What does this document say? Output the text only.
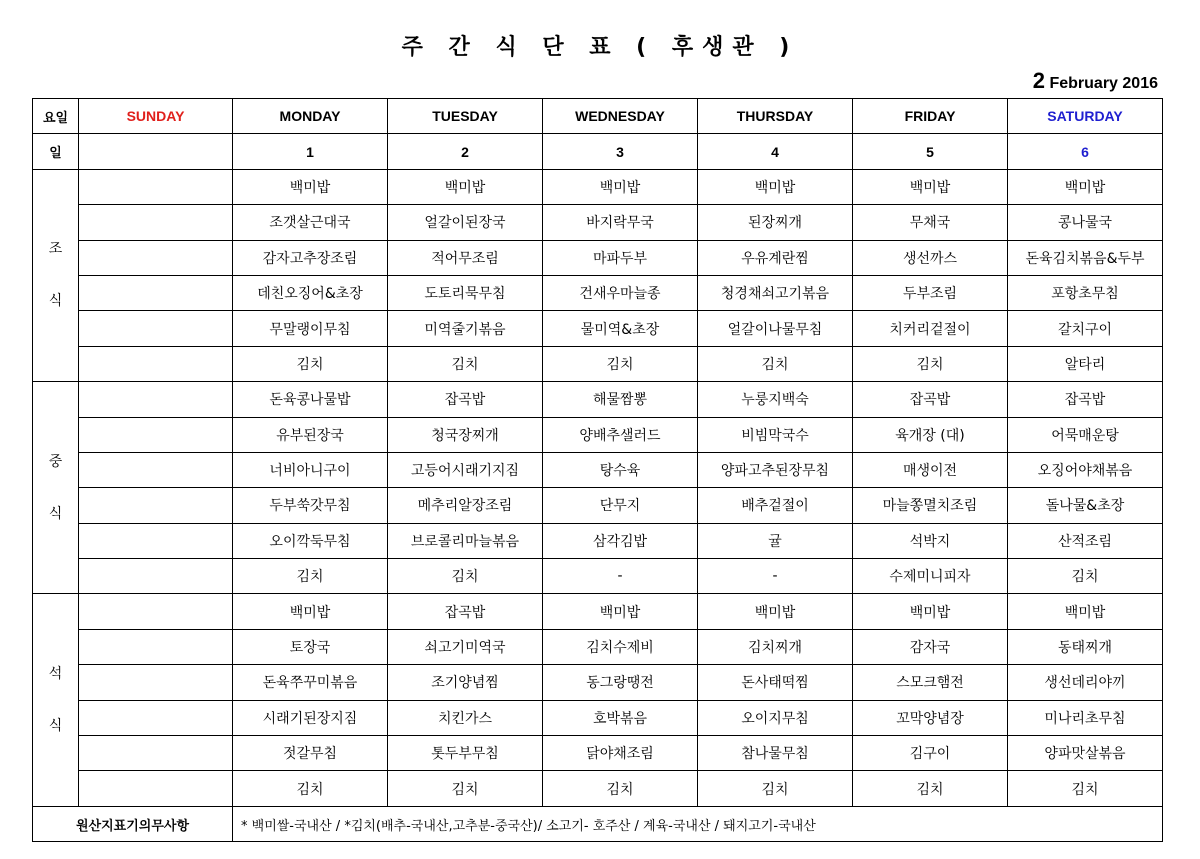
주 간 식 단 표 ( 후생관 )
2 February 2016
요일	SUNDAY	MONDAY	TUESDAY	WEDNESDAY	THURSDAY	FRIDAY	SATURDAY
일		1	2	3	4	5	6

조
식		백미밥	백미밥	백미밥	백미밥	백미밥	백미밥
		조갯살근대국	얼갈이된장국	바지락무국	된장찌개	무채국	콩나물국
		감자고추장조림	적어무조림	마파두부	우유계란찜	생선까스	돈육김치볶음&두부
		데친오징어&초장	도토리묵무침	건새우마늘종	청경채쇠고기볶음	두부조림	포항초무침
		무말랭이무침	미역줄기볶음	물미역&초장	얼갈이나물무침	치커리겉절이	갈치구이
		김치	김치	김치	김치	김치	알타리

중
식		돈육콩나물밥	잡곡밥	해물짬뽕	누룽지백숙	잡곡밥	잡곡밥
		유부된장국	청국장찌개	양배추샐러드	비빔막국수	육개장 (대)	어묵매운탕
		너비아니구이	고등어시래기지짐	탕수육	양파고추된장무침	매생이전	오징어야채볶음
		두부쑥갓무침	메추리알장조림	단무지	배추겉절이	마늘쫑멸치조림	돌나물&초장
		오이깍둑무침	브로콜리마늘볶음	삼각김밥	귤	석박지	산적조림
		김치	김치	-	-	수제미니피자	김치

석
식		백미밥	잡곡밥	백미밥	백미밥	백미밥	백미밥
		토장국	쇠고기미역국	김치수제비	김치찌개	감자국	동태찌개
		돈육쭈꾸미볶음	조기양념찜	동그랑땡전	돈사태떡찜	스모크햄전	생선데리야끼
		시래기된장지짐	치킨가스	호박볶음	오이지무침	꼬막양념장	미나리초무침
		젓갈무침	톳두부무침	닭야채조림	참나물무침	김구이	양파맛살볶음
		김치	김치	김치	김치	김치	김치
원산지표기의무사항		* 백미쌀-국내산 / *김치(배추-국내산,고추분-중국산)/ 소고기- 호주산 / 계육-국내산 / 돼지고기-국내산					
